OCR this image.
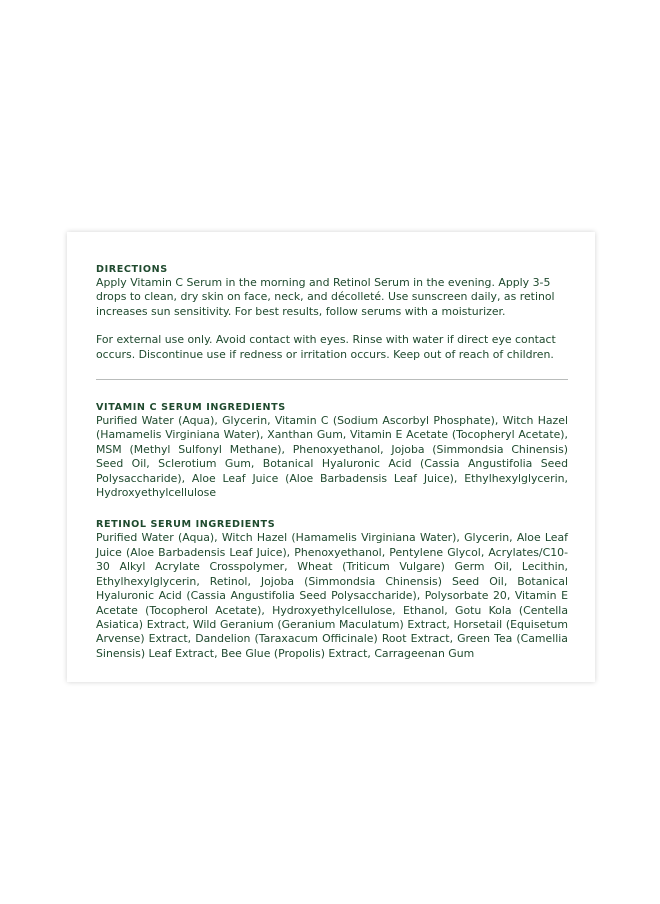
DIRECTIONS

Apply Vitamin C Serum in the morning and Retinol Serum in the evening. Apply 3-5 drops to clean, dry skin on face, neck, and décolleté. Use sunscreen daily, as retinol increases sun sensitivity. For best results, follow serums with a moisturizer.

For external use only. Avoid contact with eyes. Rinse with water if direct eye contact occurs. Discontinue use if redness or irritation occurs. Keep out of reach of children.

VITAMIN C SERUM INGREDIENTS

Purified Water (Aqua), Glycerin, Vitamin C (Sodium Ascorbyl Phosphate), Witch Hazel (Hamamelis Virginiana Water), Xanthan Gum, Vitamin E Acetate (Tocopheryl Acetate), MSM (Methyl Sulfonyl Methane), Phenoxyethanol, Jojoba (Simmondsia Chinensis) Seed Oil, Sclerotium Gum, Botanical Hyaluronic Acid (Cassia Angustifolia Seed Polysaccharide), Aloe Leaf Juice (Aloe Barbadensis Leaf Juice), Ethylhexylglycerin, Hydroxyethylcellulose

RETINOL SERUM INGREDIENTS

Purified Water (Aqua), Witch Hazel (Hamamelis Virginiana Water), Glycerin, Aloe Leaf Juice (Aloe Barbadensis Leaf Juice), Phenoxyethanol, Pentylene Glycol, Acrylates/C10-30 Alkyl Acrylate Crosspolymer, Wheat (Triticum Vulgare) Germ Oil, Lecithin, Ethylhexylglycerin, Retinol, Jojoba (Simmondsia Chinensis) Seed Oil, Botanical Hyaluronic Acid (Cassia Angustifolia Seed Polysaccharide), Polysorbate 20, Vitamin E Acetate (Tocopherol Acetate), Hydroxyethylcellulose, Ethanol, Gotu Kola (Centella Asiatica) Extract, Wild Geranium (Geranium Maculatum) Extract, Horsetail (Equisetum Arvense) Extract, Dandelion (Taraxacum Officinale) Root Extract, Green Tea (Camellia Sinensis) Leaf Extract, Bee Glue (Propolis) Extract, Carrageenan Gum
